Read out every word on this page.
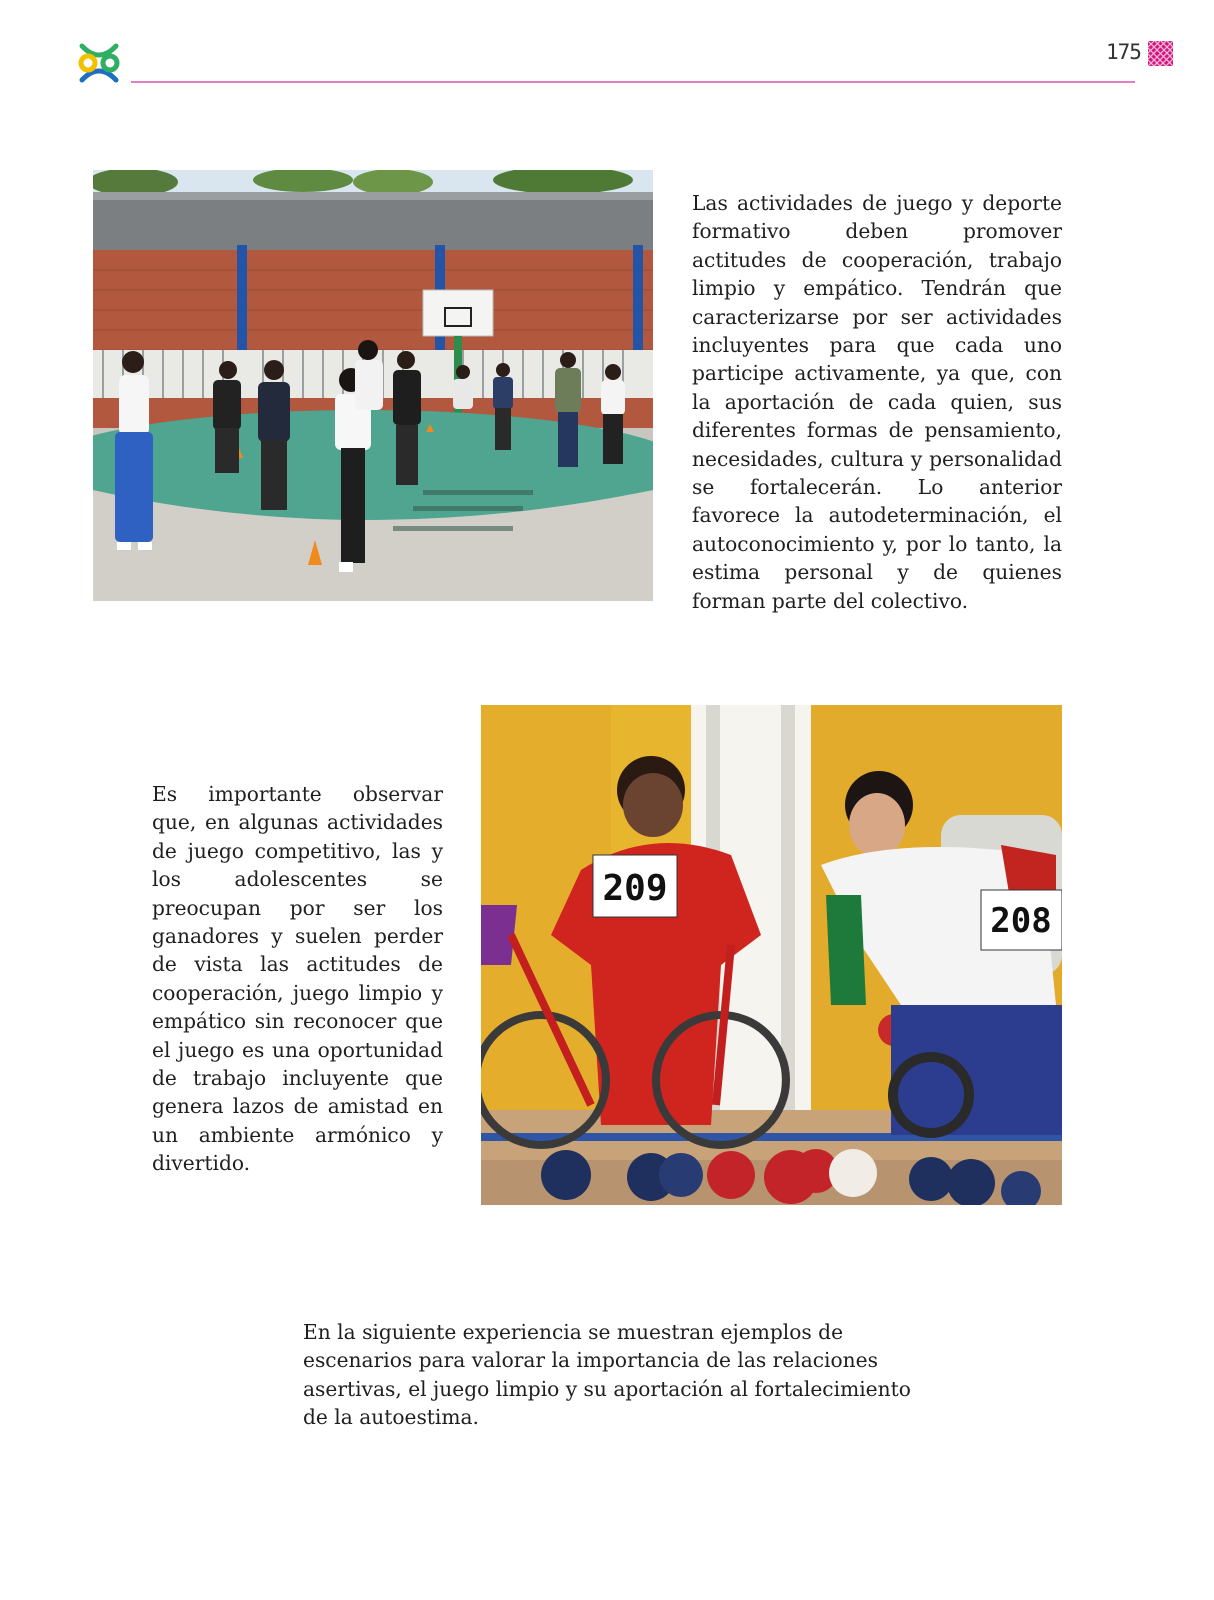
175

Las actividades de juego y deporte formativo deben promover actitudes de cooperación, trabajo limpio y empático. Tendrán que caracterizarse por ser actividades incluyentes para que cada uno participe activamente, ya que, con la aportación de cada quien, sus diferentes formas de pensamiento, necesidades, cultura y personalidad se fortalecerán. Lo anterior favorece la autodeterminación, el autoconocimiento y, por lo tanto, la estima personal y de quienes forman parte del colectivo.

209
208

Es importante observar que, en algunas actividades de juego competitivo, las y los adolescentes se preocupan por ser los ganadores y suelen perder de vista las actitudes de cooperación, juego limpio y empático sin reconocer que el juego es una oportunidad de trabajo incluyente que genera lazos de amistad en un ambiente armónico y divertido.

En la siguiente experiencia se muestran ejemplos de escenarios para valorar la importancia de las relaciones asertivas, el juego limpio y su aportación al fortalecimiento de la autoestima.
